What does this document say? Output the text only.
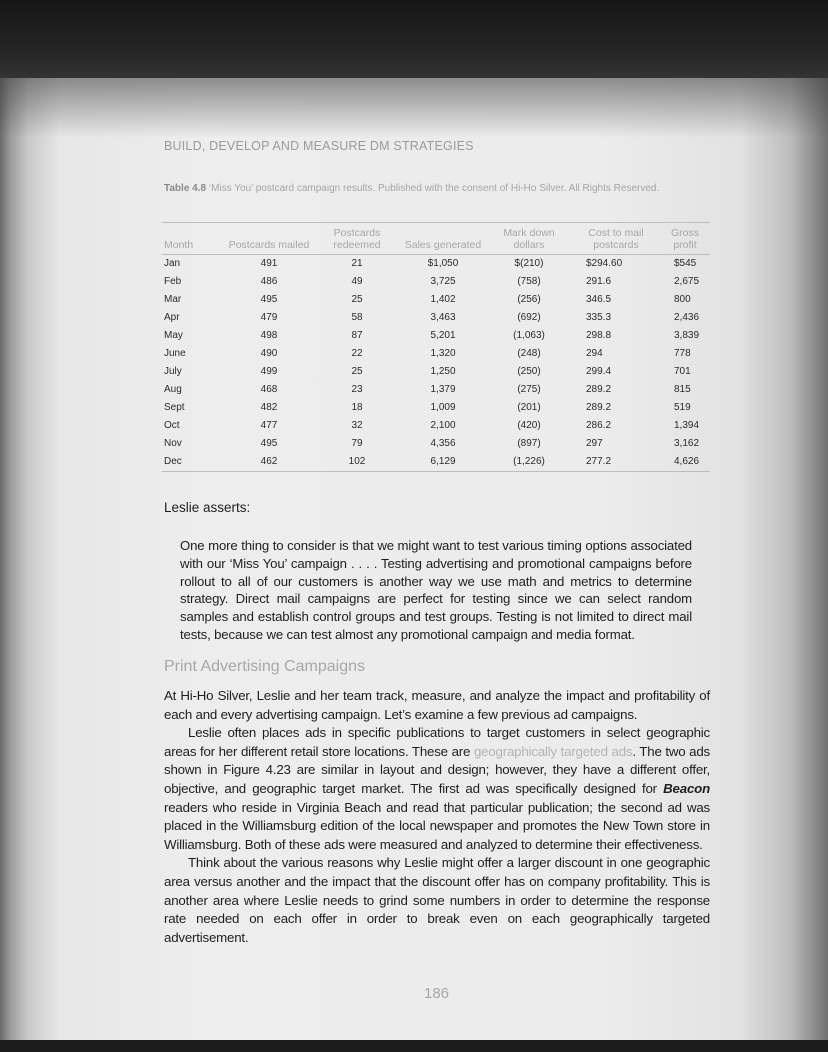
BUILD, DEVELOP AND MEASURE DM STRATEGIES
Table 4.8 ‘Miss You’ postcard campaign results. Published with the consent of Hi-Ho Silver. All Rights Reserved.
Month	Postcards mailed	Postcards redeemed	Sales generated	Mark down dollars	Cost to mail postcards	Gross profit
Jan	491	21	$1,050	$(210)	$294.60	$545
Feb	486	49	3,725	(758)	291.6	2,675
Mar	495	25	1,402	(256)	346.5	800
Apr	479	58	3,463	(692)	335.3	2,436
May	498	87	5,201	(1,063)	298.8	3,839
June	490	22	1,320	(248)	294	778
July	499	25	1,250	(250)	299.4	701
Aug	468	23	1,379	(275)	289.2	815
Sept	482	18	1,009	(201)	289.2	519
Oct	477	32	2,100	(420)	286.2	1,394
Nov	495	79	4,356	(897)	297	3,162
Dec	462	102	6,129	(1,226)	277.2	4,626
Leslie asserts:

One more thing to consider is that we might want to test various timing options associated with our ‘Miss You’ campaign . . . . Testing advertising and promotional campaigns before rollout to all of our customers is another way we use math and metrics to determine strategy. Direct mail campaigns are perfect for testing since we can select random samples and establish control groups and test groups. Testing is not limited to direct mail tests, because we can test almost any promotional campaign and media format.

Print Advertising Campaigns

At Hi-Ho Silver, Leslie and her team track, measure, and analyze the impact and profitability of each and every advertising campaign. Let’s examine a few previous ad campaigns.

Leslie often places ads in specific publications to target customers in select geographic areas for her different retail store locations. These are geographically targeted ads. The two ads shown in Figure 4.23 are similar in layout and design; however, they have a different offer, objective, and geographic target market. The first ad was specifically designed for Beacon readers who reside in Virginia Beach and read that particular publication; the second ad was placed in the Williamsburg edition of the local newspaper and promotes the New Town store in Williamsburg. Both of these ads were measured and analyzed to determine their effectiveness.

Think about the various reasons why Leslie might offer a larger discount in one geographic area versus another and the impact that the discount offer has on company profitability. This is another area where Leslie needs to grind some numbers in order to determine the response rate needed on each offer in order to break even on each geographically targeted advertisement.

186
